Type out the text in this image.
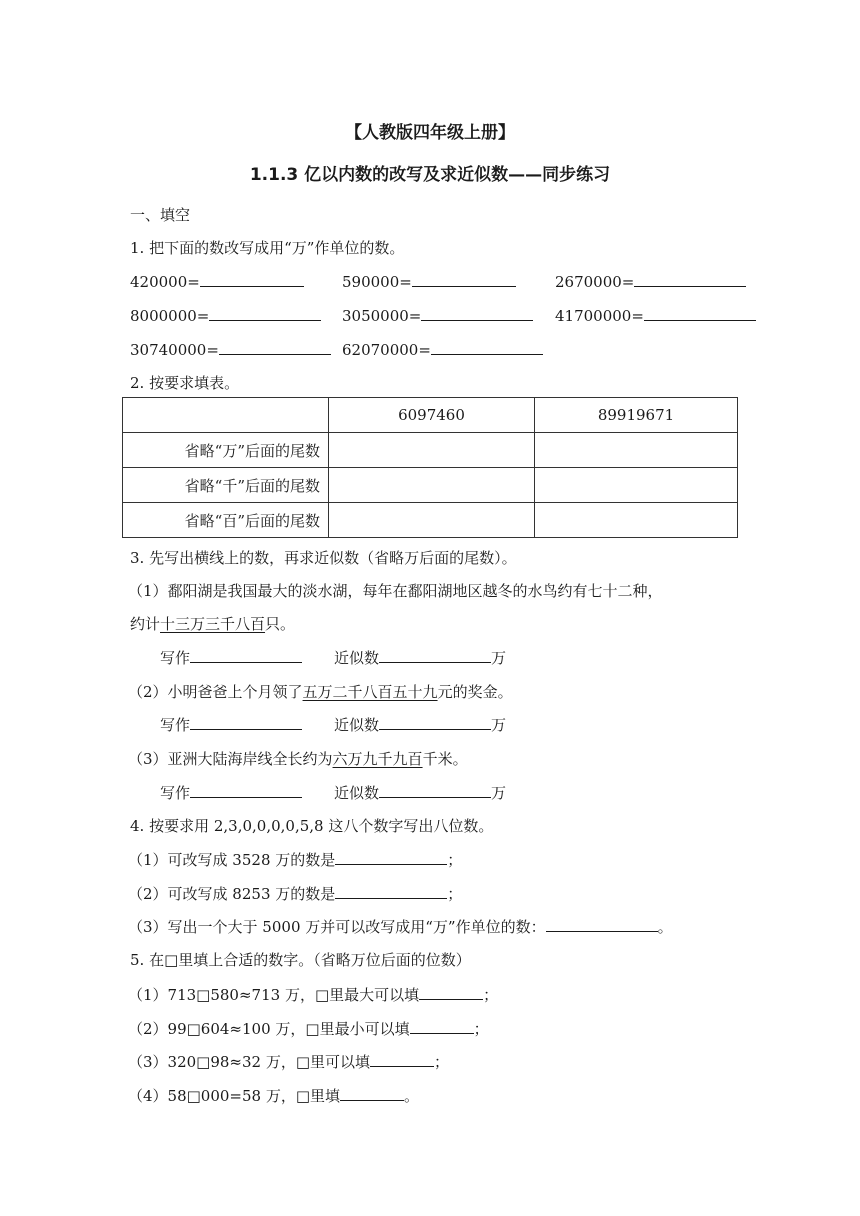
【人教版四年级上册】
1.1.3 亿以内数的改写及求近似数——同步练习
一、填空
1. 把下面的数改写成用“万”作单位的数。
420000=	590000=	2670000=
8000000=	3050000=	41700000=
30740000=	62070000=
2. 按要求填表。
	6097460	89919671
省略“万”后面的尾数		
省略“千”后面的尾数		
省略“百”后面的尾数		
3. 先写出横线上的数，再求近似数（省略万后面的尾数）。
（1）鄱阳湖是我国最大的淡水湖，每年在鄱阳湖地区越冬的水鸟约有七十二种，
约计十三万三千八百只。
写作	近似数	万
（2）小明爸爸上个月领了五万二千八百五十九元的奖金。
写作	近似数	万
（3）亚洲大陆海岸线全长约为六万九千九百千米。
写作	近似数	万
4. 按要求用 2,3,0,0,0,0,5,8 这八个数字写出八位数。
（1）可改写成 3528 万的数是	；
（2）可改写成 8253 万的数是	；
（3）写出一个大于 5000 万并可以改写成用“万”作单位的数：	。
5. 在□里填上合适的数字。（省略万位后面的位数）
（1）713□580≈713 万，□里最大可以填	；
（2）99□604≈100 万，□里最小可以填	；
（3）320□98≈32 万，□里可以填	；
（4）58□000=58 万，□里填	。
